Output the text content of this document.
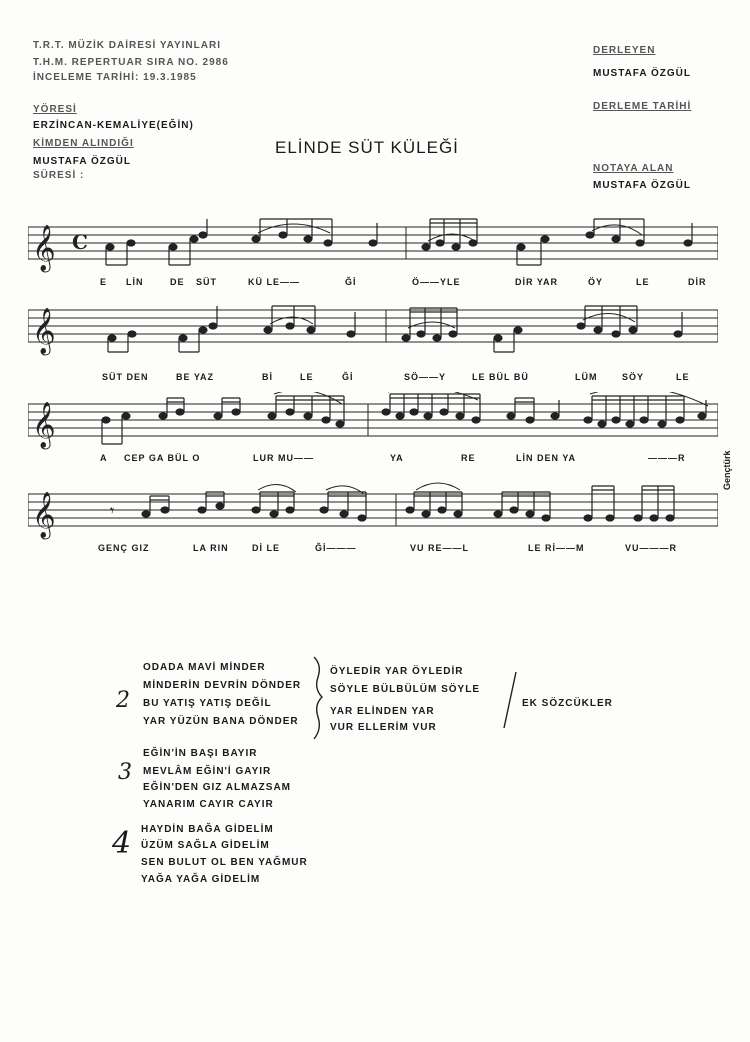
T.R.T. MÜZİK DAİRESİ YAYINLARI
T.H.M. REPERTUAR SIRA NO. 2986
İNCELEME TARİHİ: 19.3.1985
YÖRESİ
ERZİNCAN-KEMALİYE(EĞİN)
KİMDEN ALINDIĞI
MUSTAFA ÖZGÜL
SÜRESİ :
DERLEYEN
MUSTAFA ÖZGÜL
DERLEME TARİHİ
NOTAYA ALAN
MUSTAFA ÖZGÜL
ELİNDE SÜT KÜLEĞİ
𝄞 C
E LİN	DE SÜT	KÜ LE——	Ğİ	Ö——YLE	DİR YAR	ÖY	LE	DİR
𝄞
SÜT DEN	BE YAZ	Bİ	LE	Ğİ	SÖ——Y	LE BÜL BÜ	LÜM	SÖY	LE
𝄞
A CEP GA BÜL O	LUR MU——	YA	RE	LİN DEN YA	———R
𝄞	𝄾
GENÇ GIZ	LA RIN	Dİ LE	Ğİ———	VU RE——L	LE Rİ——M	VU———R
Gençtürk
2
ODADA MAVİ MİNDER
MİNDERİN DEVRİN DÖNDER
BU YATIŞ YATIŞ DEĞİL
YAR YÜZÜN BANA DÖNDER
ÖYLEDİR YAR ÖYLEDİR
SÖYLE BÜLBÜLÜM SÖYLE
YAR ELİNDEN YAR
VUR ELLERİM VUR
EK SÖZCÜKLER
3
EĞİN'İN BAŞI BAYIR
MEVLÂM EĞİN'İ GAYIR
EĞİN'DEN GIZ ALMAZSAM
YANARIM CAYIR CAYIR
4 HAYDİN BAĞA GİDELİM
ÜZÜM SAĞLA GİDELİM
SEN BULUT OL BEN YAĞMUR
YAĞA YAĞA GİDELİM
